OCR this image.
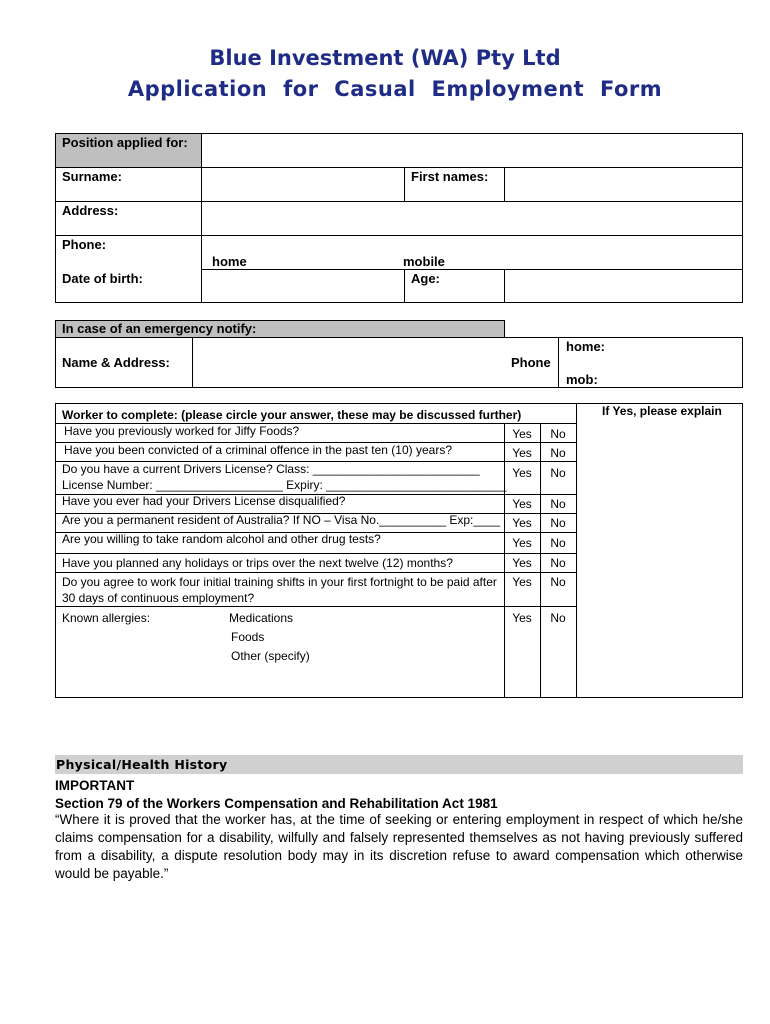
Blue Investment (WA) Pty Ltd
Application for Casual Employment Form
Position applied for:
Surname:	First names:
Address:
Phone:
home	mobile
Date of birth:	Age:
In case of an emergency notify:
Name & Address:	Phone
home:
mob:
Worker to complete: (please circle your answer, these may be discussed further)	If Yes, please explain
Have you previously worked for Jiffy Foods?	Yes	No
Have you been convicted of a criminal offence in the past ten (10) years?	Yes	No
Do you have a current Drivers License? Class: _________________________
License Number: ___________________ Expiry: ___________________________
Yes	No
Have you ever had your Drivers License disqualified?	Yes	No
Are you a permanent resident of Australia? If NO – Visa No.__________ Exp:____	Yes	No
Are you willing to take random alcohol and other drug tests?	Yes	No
Have you planned any holidays or trips over the next twelve (12) months?	Yes	No
Do you agree to work four initial training shifts in your first fortnight to be paid after
30 days of continuous employment?
Yes	No
Known allergies:	Medications
Foods
Other (specify)
Yes	No
Physical/Health History
IMPORTANT
Section 79 of the Workers Compensation and Rehabilitation Act 1981
“Where it is proved that the worker has, at the time of seeking or entering employment in respect of which he/she claims compensation for a disability, wilfully and falsely represented themselves as not having previously suffered from a disability, a dispute resolution body may in its discretion refuse to award compensation which otherwise would be payable.”
